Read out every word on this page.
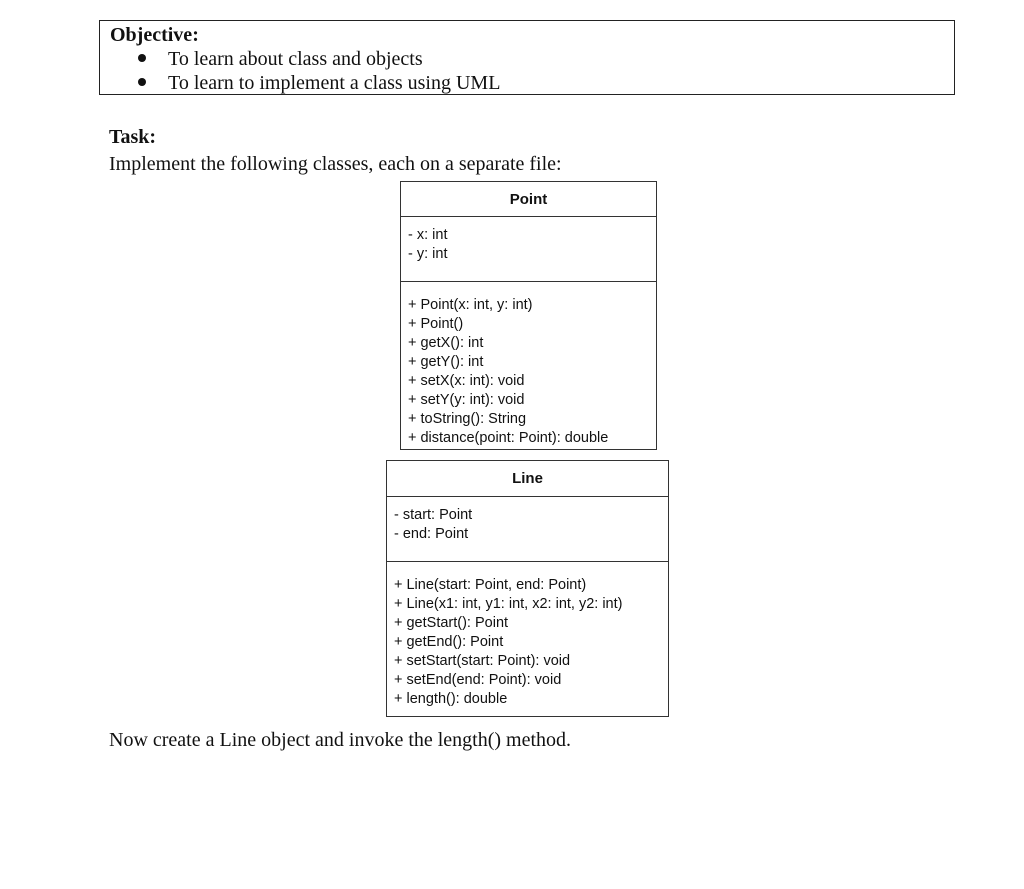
Objective:
To learn about class and objects
To learn to implement a class using UML
Task:
Implement the following classes, each on a separate file:
Point
- x: int
- y: int
+ Point(x: int, y: int)
+ Point()
+ getX(): int
+ getY(): int
+ setX(x: int): void
+ setY(y: int): void
+ toString(): String
+ distance(point: Point): double
Line
- start: Point
- end: Point
+ Line(start: Point, end: Point)
+ Line(x1: int, y1: int, x2: int, y2: int)
+ getStart(): Point
+ getEnd(): Point
+ setStart(start: Point): void
+ setEnd(end: Point): void
+ length(): double
Now create a Line object and invoke the length() method.
